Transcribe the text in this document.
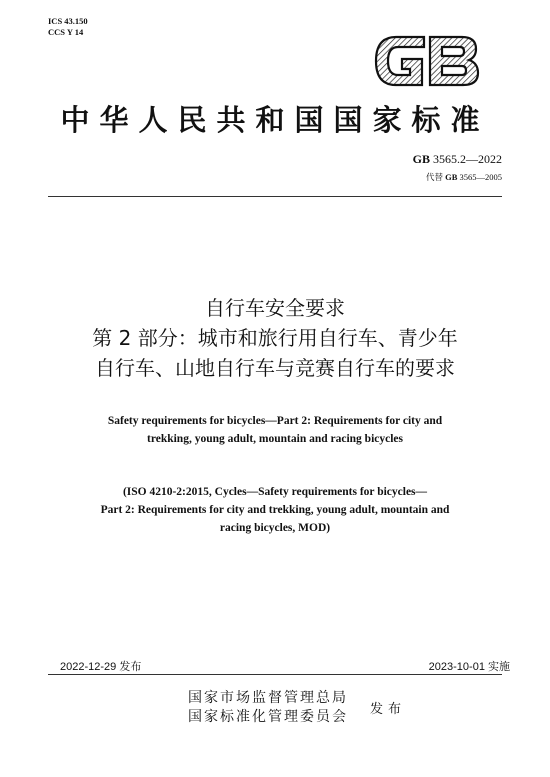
ICS 43.150
CCS Y 14
中华人民共和国国家标准
GB 3565.2—2022
代替 GB 3565—2005
自行车安全要求
第 2 部分：城市和旅行用自行车、青少年
自行车、山地自行车与竞赛自行车的要求
Safety requirements for bicycles—Part 2: Requirements for city and
trekking, young adult, mountain and racing bicycles
(ISO 4210-2:2015, Cycles—Safety requirements for bicycles—
Part 2: Requirements for city and trekking, young adult, mountain and
racing bicycles, MOD)
2022-12-29 发布	2023-10-01 实施
国家市场监督管理总局
国家标准化管理委员会 发布
